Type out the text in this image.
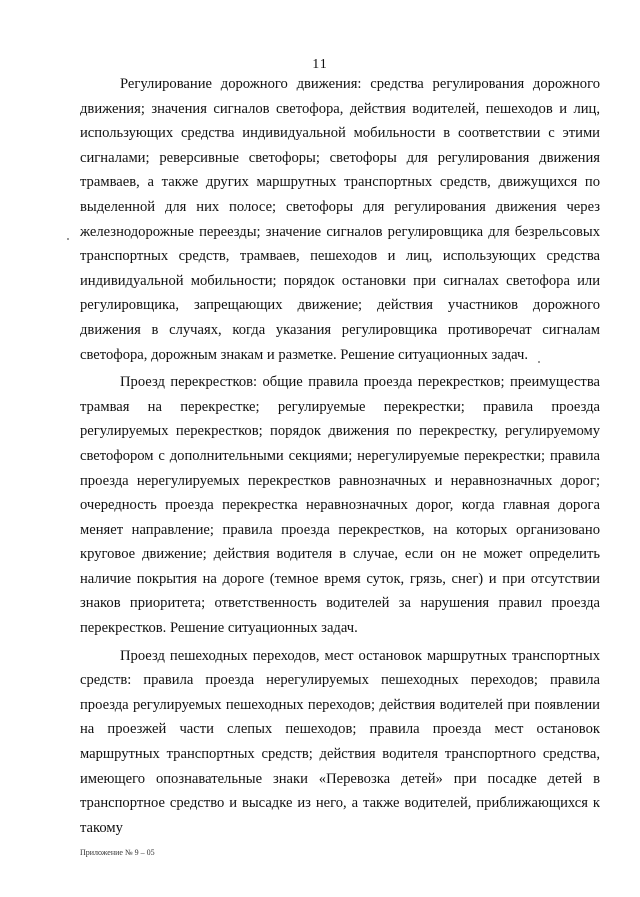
11

Регулирование дорожного движения: средства регулирования дорожного движения; значения сигналов светофора, действия водителей, пешеходов и лиц, использующих средства индивидуальной мобильности в соответствии с этими сигналами; реверсивные светофоры; светофоры для регулирования движения трамваев, а также других маршрутных транспортных средств, движущихся по выделенной для них полосе; светофоры для регулирования движения через железнодорожные переезды; значение сигналов регулировщика для безрельсовых транспортных средств, трамваев, пешеходов и лиц, использующих средства индивидуальной мобильности; порядок остановки при сигналах светофора или регулировщика, запрещающих движение; действия участников дорожного движения в случаях, когда указания регулировщика противоречат сигналам светофора, дорожным знакам и разметке. Решение ситуационных задач.

Проезд перекрестков: общие правила проезда перекрестков; преимущества трамвая на перекрестке; регулируемые перекрестки; правила проезда регулируемых перекрестков; порядок движения по перекрестку, регулируемому светофором с дополнительными секциями; нерегулируемые перекрестки; правила проезда нерегулируемых перекрестков равнозначных и неравнозначных дорог; очередность проезда перекрестка неравнозначных дорог, когда главная дорога меняет направление; правила проезда перекрестков, на которых организовано круговое движение; действия водителя в случае, если он не может определить наличие покрытия на дороге (темное время суток, грязь, снег) и при отсутствии знаков приоритета; ответственность водителей за нарушения правил проезда перекрестков. Решение ситуационных задач.

Проезд пешеходных переходов, мест остановок маршрутных транспортных средств: правила проезда нерегулируемых пешеходных переходов; правила проезда регулируемых пешеходных переходов; действия водителей при появлении на проезжей части слепых пешеходов; правила проезда мест остановок маршрутных транспортных средств; действия водителя транспортного средства, имеющего опознавательные знаки «Перевозка детей» при посадке детей в транспортное средство и высадке из него, а также водителей, приближающихся к такому

Приложение № 9 – 05
